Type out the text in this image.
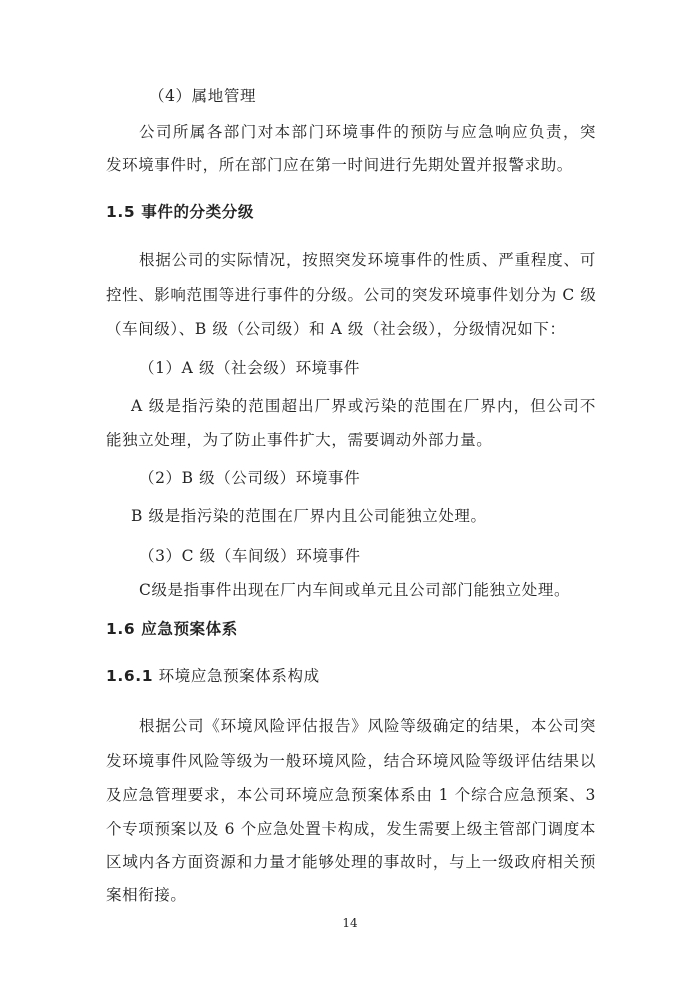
（4）属地管理
公司所属各部门对本部门环境事件的预防与应急响应负责，突
发环境事件时，所在部门应在第一时间进行先期处置并报警求助。
1.5 事件的分类分级
根据公司的实际情况，按照突发环境事件的性质、严重程度、可
控性、影响范围等进行事件的分级。公司的突发环境事件划分为 C 级
（车间级）、B 级（公司级）和 A 级（社会级），分级情况如下：
（1）A 级（社会级）环境事件
A 级是指污染的范围超出厂界或污染的范围在厂界内，但公司不
能独立处理，为了防止事件扩大，需要调动外部力量。
（2）B 级（公司级）环境事件
B 级是指污染的范围在厂界内且公司能独立处理。
（3）C 级（车间级）环境事件
C级是指事件出现在厂内车间或单元且公司部门能独立处理。
1.6 应急预案体系
1.6.1 环境应急预案体系构成
根据公司《环境风险评估报告》风险等级确定的结果，本公司突
发环境事件风险等级为一般环境风险，结合环境风险等级评估结果以
及应急管理要求，本公司环境应急预案体系由 1 个综合应急预案、3
个专项预案以及 6 个应急处置卡构成，发生需要上级主管部门调度本
区域内各方面资源和力量才能够处理的事故时，与上一级政府相关预
案相衔接。
14
